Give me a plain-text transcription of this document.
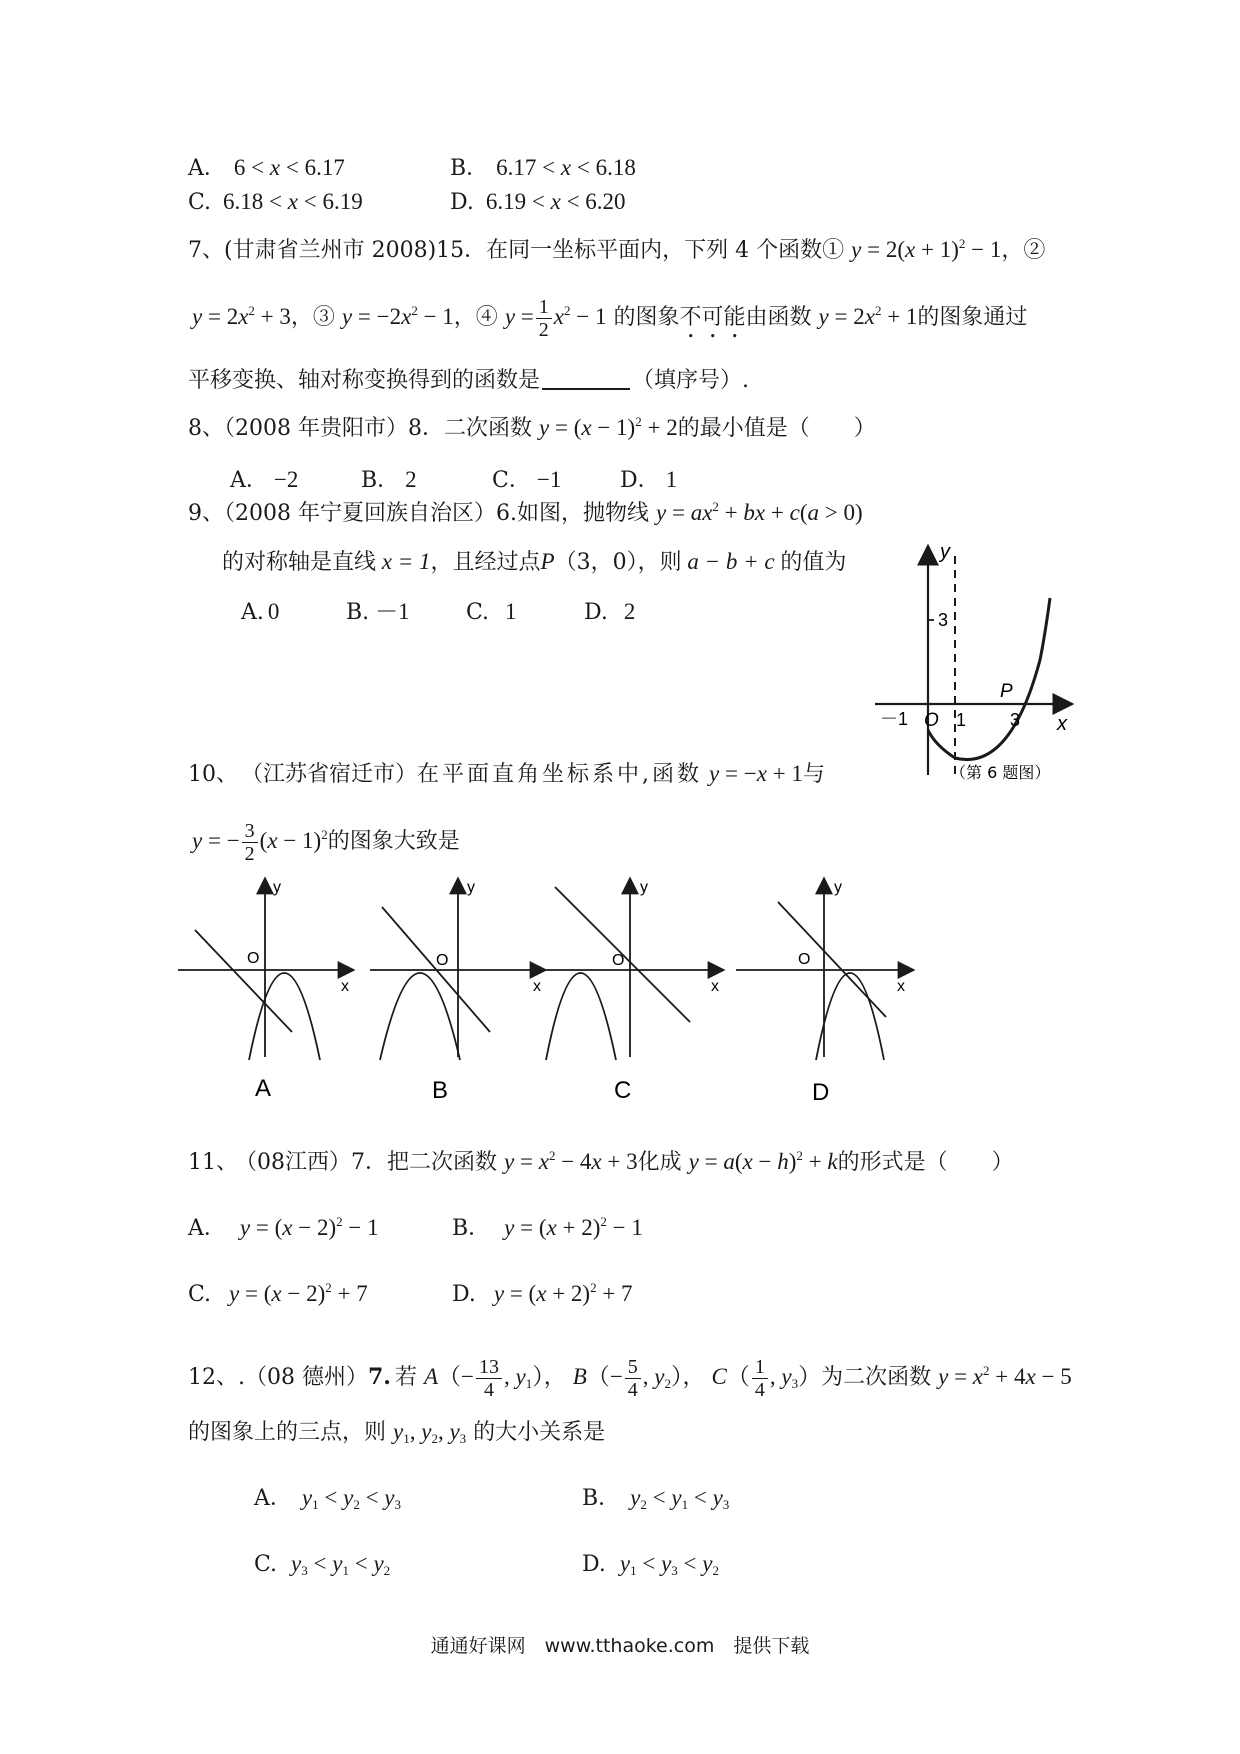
A． 6 < x < 6.17	B． 6.17 < x < 6.18
C. 6.18 < x < 6.19	D. 6.19 < x < 6.20
7、(甘肃省兰州市 2008)15．在同一坐标平面内，下列 4 个函数① $y = 2(x + 1)^2 - 1$，②
$y = 2x^2 + 3$，③ $y = -2x^2 - 1$，④ $y = \frac{1}{2} x^2 - 1$ 的图象不可能由函数 $y = 2x^2 + 1$的图象通过
平移变换、轴对称变换得到的函数是	（填序号）.
8、（2008 年贵阳市）8．二次函数 $y = (x - 1)^2 + 2$的最小值是（　　）
A． −2	B． 2	C． −1	D． 1
9、（2008 年宁夏回族自治区）6.如图，抛物线 $y = ax^2$ + bx + c(a > 0)
的对称轴是直线 x = 1，且经过点P（3，0），则 a − b + c 的值为
A. 0	B. －1	C. 1	D. 2
y
x
O
－1	1 3
3
P
（第 6 题图）
10、 （江苏省宿迁市）在平面直角坐标系中,函数 y = −x + 1与
y = − $\frac{3}{2} (x - 1)^2$的图象大致是
y
x
O
A
y
x
O
B
y
x
O
C
y
x
O
D
11、 （08江西）7．把二次函数 $y = x^2 - 4x + 3$化成 $y = a(x - h)^2 + k$的形式是（　　）
A． $y = (x - 2)^2 - 1$	B． $y = (x + 2)^2 - 1$
C. $y = (x - 2)^2 + 7$	D. $y = (x + 2)^2 + 7$
12、.（08 德州）7. 若 $A(- \frac{13}{4}$ , $y_1$）， $B(- \frac{5}{4}$ , $y_2$）， $C( \frac{1}{4}$ , $y_3$）为二次函数 $y = x^2 + 4x - 5$
的图象上的三点，则 $y_1$, $y_2$, $y_3$ 的大小关系是
A． $y_1 < y_2 < y_3$	B． $y_2 < y_1 < y_3$
C. $y_3 < y_1 < y_2$	D. $y_1 < y_3 < y_2$
通通好课网　www.tthaoke.com　提供下载
